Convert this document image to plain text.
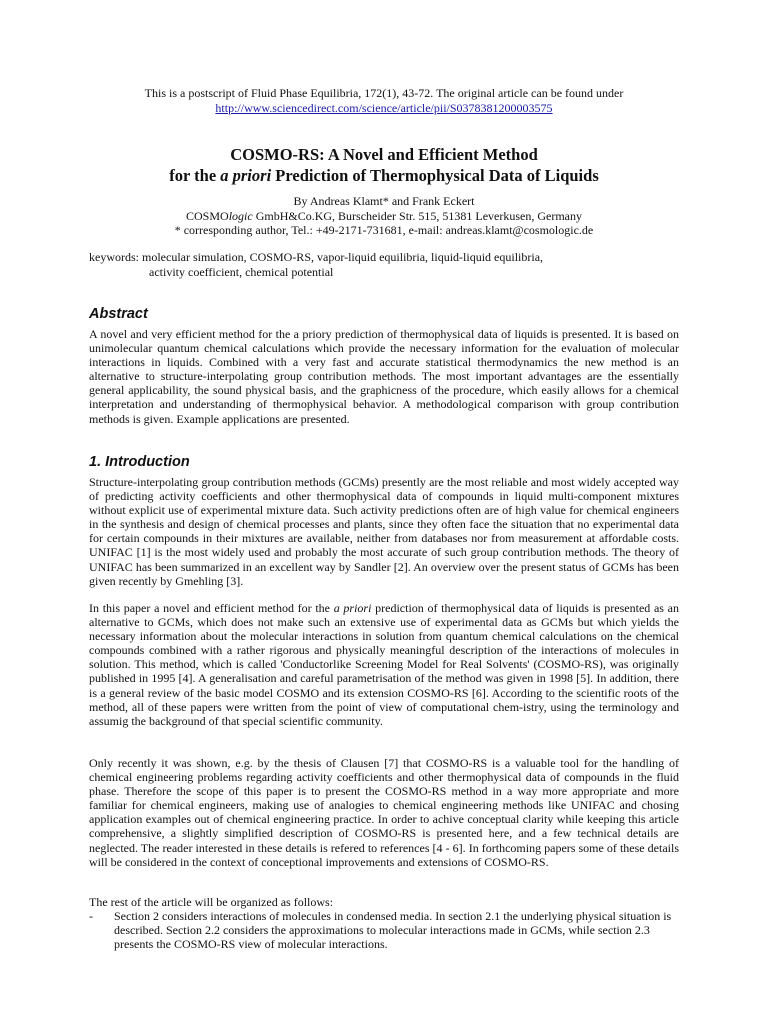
This is a postscript of Fluid Phase Equilibria, 172(1), 43-72. The original article can be found under
http://www.sciencedirect.com/science/article/pii/S0378381200003575
COSMO-RS: A Novel and Efficient Method
for the a priori Prediction of Thermophysical Data of Liquids
By Andreas Klamt* and Frank Eckert
COSMOlogic GmbH&Co.KG, Burscheider Str. 515, 51381 Leverkusen, Germany
* corresponding author, Tel.: +49-2171-731681, e-mail: andreas.klamt@cosmologic.de
keywords: molecular simulation, COSMO-RS, vapor-liquid equilibria, liquid-liquid equilibria,
activity coefficient, chemical potential
Abstract
A novel and very efficient method for the a priory prediction of thermophysical data of liquids is presented. It is based on unimolecular quantum chemical calculations which provide the necessary information for the evaluation of molecular interactions in liquids. Combined with a very fast and accurate statistical thermodynamics the new method is an alternative to structure-interpolating group contribution methods. The most important advantages are the essentially general applicability, the sound physical basis, and the graphicness of the procedure, which easily allows for a chemical interpretation and understanding of thermophysical behavior. A methodological comparison with group contribution methods is given. Example applications are presented.
1. Introduction
Structure-interpolating group contribution methods (GCMs) presently are the most reliable and most widely accepted way of predicting activity coefficients and other thermophysical data of compounds in liquid multi-component mixtures without explicit use of experimental mixture data. Such activity predictions often are of high value for chemical engineers in the synthesis and design of chemical processes and plants, since they often face the situation that no experimental data for certain compounds in their mixtures are available, neither from databases nor from measurement at affordable costs. UNIFAC [1] is the most widely used and probably the most accurate of such group contribution methods. The theory of UNIFAC has been summarized in an excellent way by Sandler [2]. An overview over the present status of GCMs has been given recently by Gmehling [3].
In this paper a novel and efficient method for the a priori prediction of thermophysical data of liquids is presented as an alternative to GCMs, which does not make such an extensive use of experimental data as GCMs but which yields the necessary information about the molecular interactions in solution from quantum chemical calculations on the chemical compounds combined with a rather rigorous and physically meaningful description of the interactions of molecules in solution. This method, which is called 'Conductorlike Screening Model for Real Solvents' (COSMO-RS), was originally published in 1995 [4]. A generalisation and careful parametrisation of the method was given in 1998 [5]. In addition, there is a general review of the basic model COSMO and its extension COSMO-RS [6]. According to the scientific roots of the method, all of these papers were written from the point of view of computational chem-istry, using the terminology and assumig the background of that special scientific community.
Only recently it was shown, e.g. by the thesis of Clausen [7] that COSMO-RS is a valuable tool for the handling of chemical engineering problems regarding activity coefficients and other thermophysical data of compounds in the fluid phase. Therefore the scope of this paper is to present the COSMO-RS method in a way more appropriate and more familiar for chemical engineers, making use of analogies to chemical engineering methods like UNIFAC and chosing application examples out of chemical engineering practice. In order to achive conceptual clarity while keeping this article comprehensive, a slightly simplified description of COSMO-RS is presented here, and a few technical details are neglected. The reader interested in these details is refered to references [4 - 6]. In forthcoming papers some of these details will be considered in the context of conceptional improvements and extensions of COSMO-RS.
The rest of the article will be organized as follows:
-	Section 2 considers interactions of molecules in condensed media. In section 2.1 the underlying physical situation is described. Section 2.2 considers the approximations to molecular interactions made in GCMs, while section 2.3 presents the COSMO-RS view of molecular interactions.
